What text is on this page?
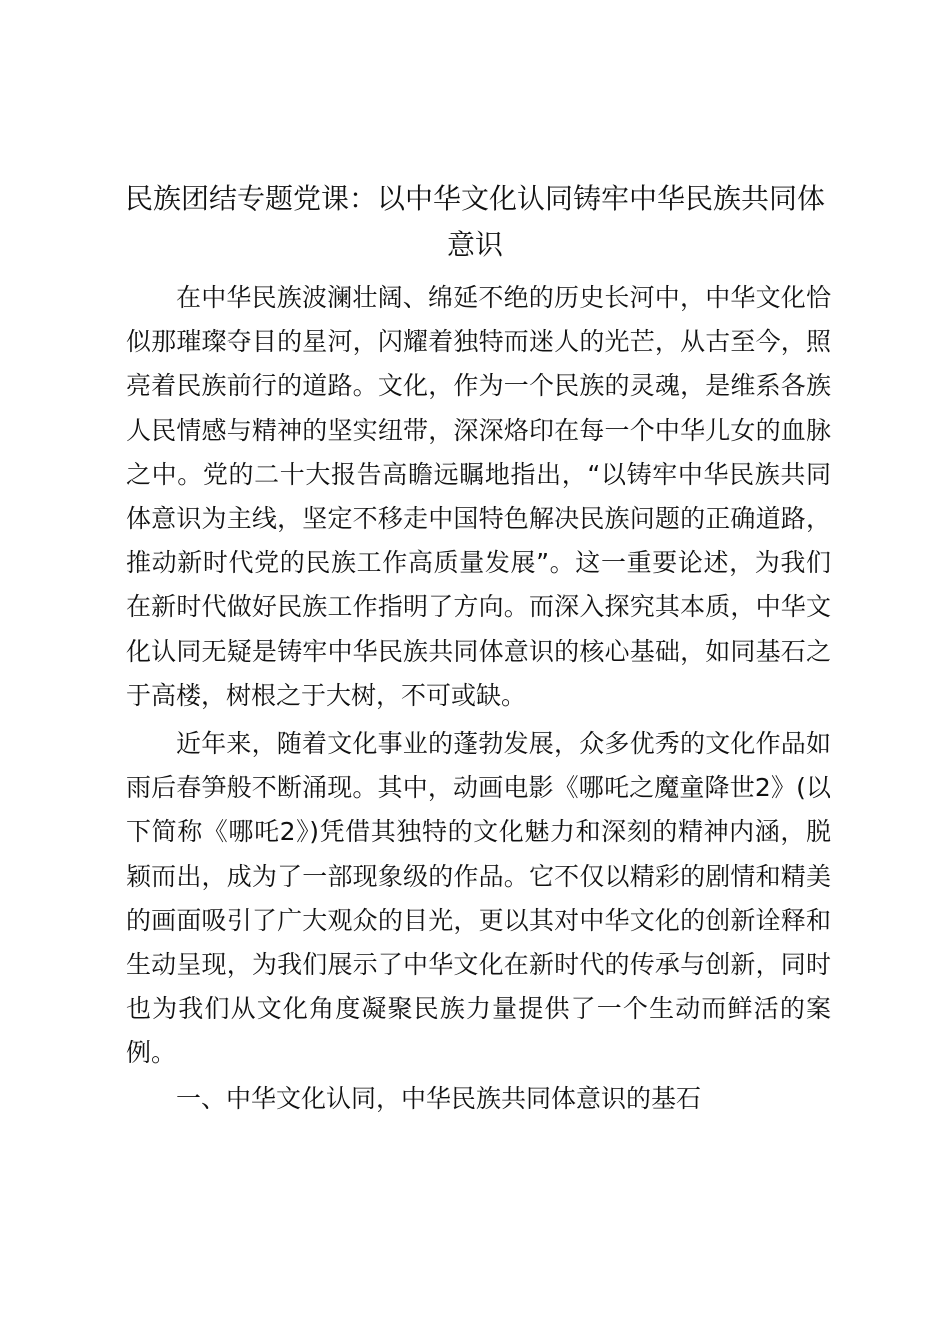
民族团结专题党课：以中华文化认同铸牢中华民族共同体意识

在中华民族波澜壮阔、绵延不绝的历史长河中，中华文化恰似那璀璨夺目的星河，闪耀着独特而迷人的光芒，从古至今，照亮着民族前行的道路。文化，作为一个民族的灵魂，是维系各族人民情感与精神的坚实纽带，深深烙印在每一个中华儿女的血脉之中。党的二十大报告高瞻远瞩地指出，“以铸牢中华民族共同体意识为主线，坚定不移走中国特色解决民族问题的正确道路，推动新时代党的民族工作高质量发展”。这一重要论述，为我们在新时代做好民族工作指明了方向。而深入探究其本质，中华文化认同无疑是铸牢中华民族共同体意识的核心基础，如同基石之于高楼，树根之于大树，不可或缺。

近年来，随着文化事业的蓬勃发展，众多优秀的文化作品如雨后春笋般不断涌现。其中，动画电影《哪吒之魔童降世2》(以下简称《哪吒2》)凭借其独特的文化魅力和深刻的精神内涵，脱颖而出，成为了一部现象级的作品。它不仅以精彩的剧情和精美的画面吸引了广大观众的目光，更以其对中华文化的创新诠释和生动呈现，为我们展示了中华文化在新时代的传承与创新，同时也为我们从文化角度凝聚民族力量提供了一个生动而鲜活的案例。

一、中华文化认同，中华民族共同体意识的基石
